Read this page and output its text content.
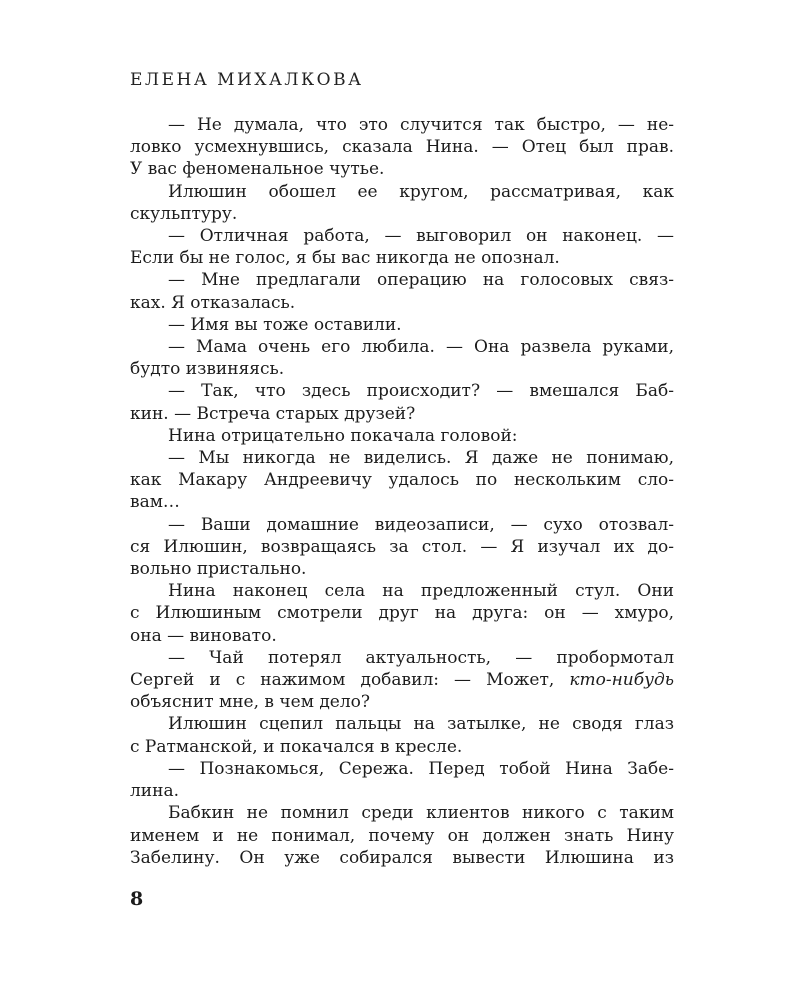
ЕЛЕНА МИХАЛКОВА

— Не думала, что это случится так быстро, — не-
ловко усмехнувшись, сказала Нина. — Отец был прав.
У вас феноменальное чутье.

Илюшин обошел ее кругом, рассматривая, как
скульптуру.

— Отличная работа, — выговорил он наконец. —
Если бы не голос, я бы вас никогда не опознал.

— Мне предлагали операцию на голосовых связ-
ках. Я отказалась.

— Имя вы тоже оставили.

— Мама очень его любила. — Она развела руками,
будто извиняясь.

— Так, что здесь происходит? — вмешался Баб-
кин. — Встреча старых друзей?

Нина отрицательно покачала головой:

— Мы никогда не виделись. Я даже не понимаю,
как Макару Андреевичу удалось по нескольким сло-
вам…

— Ваши домашние видеозаписи, — сухо отозвал-
ся Илюшин, возвращаясь за стол. — Я изучал их до-
вольно пристально.

Нина наконец села на предложенный стул. Они
с Илюшиным смотрели друг на друга: он — хмуро,
она — виновато.

— Чай потерял актуальность, — пробормотал
Сергей и с нажимом добавил: — Может, кто-нибудь
объяснит мне, в чем дело?

Илюшин сцепил пальцы на затылке, не сводя глаз
с Ратманской, и покачался в кресле.

— Познакомься, Сережа. Перед тобой Нина Забе-
лина.

Бабкин не помнил среди клиентов никого с таким
именем и не понимал, почему он должен знать Нину
Забелину. Он уже собирался вывести Илюшина из

8
